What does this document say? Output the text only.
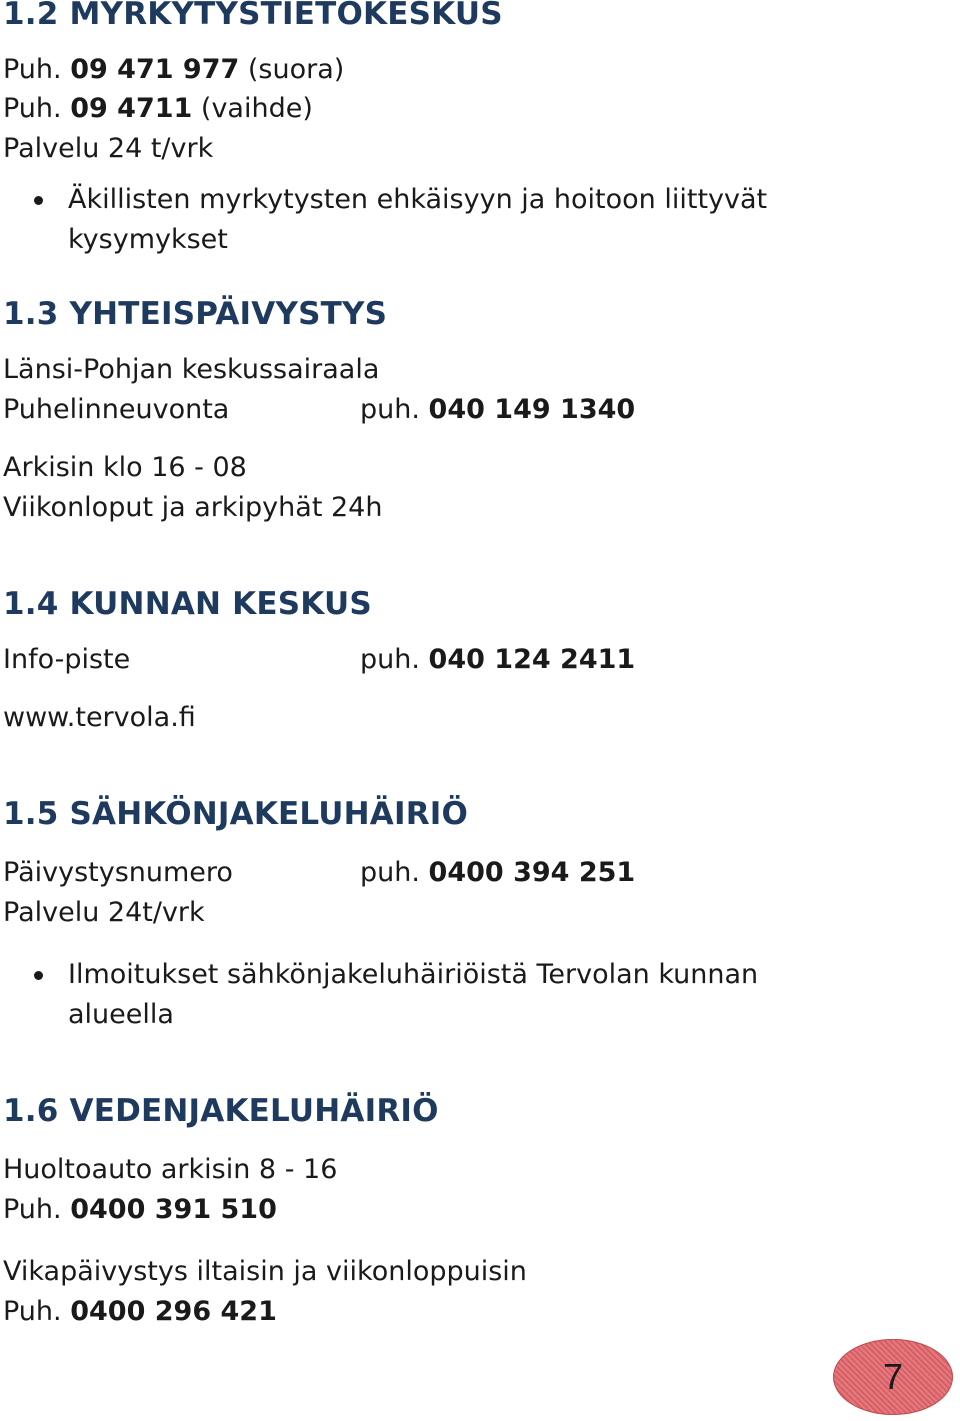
1.2 MYRKYTYSTIETOKESKUS
Puh. 09 471 977 (suora)
Puh. 09 4711 (vaihde)
Palvelu 24 t/vrk
Äkillisten myrkytysten ehkäisyyn ja hoitoon liittyvät kysymykset
1.3 YHTEISPÄIVYSTYS
Länsi-Pohjan keskussairaala
Puhelinneuvonta	puh. 040 149 1340
Arkisin klo 16 - 08
Viikonloput ja arkipyhät 24h
1.4 KUNNAN KESKUS
Info-piste	puh. 040 124 2411
www.tervola.fi
1.5 SÄHKÖNJAKELUHÄIRIÖ
Päivystysnumero	puh. 0400 394 251
Palvelu 24t/vrk
Ilmoitukset sähkönjakeluhäiriöistä Tervolan kunnan alueella
1.6 VEDENJAKELUHÄIRIÖ
Huoltoauto arkisin 8 - 16
Puh. 0400 391 510
Vikapäivystys iltaisin ja viikonloppuisin
Puh. 0400 296 421
7
